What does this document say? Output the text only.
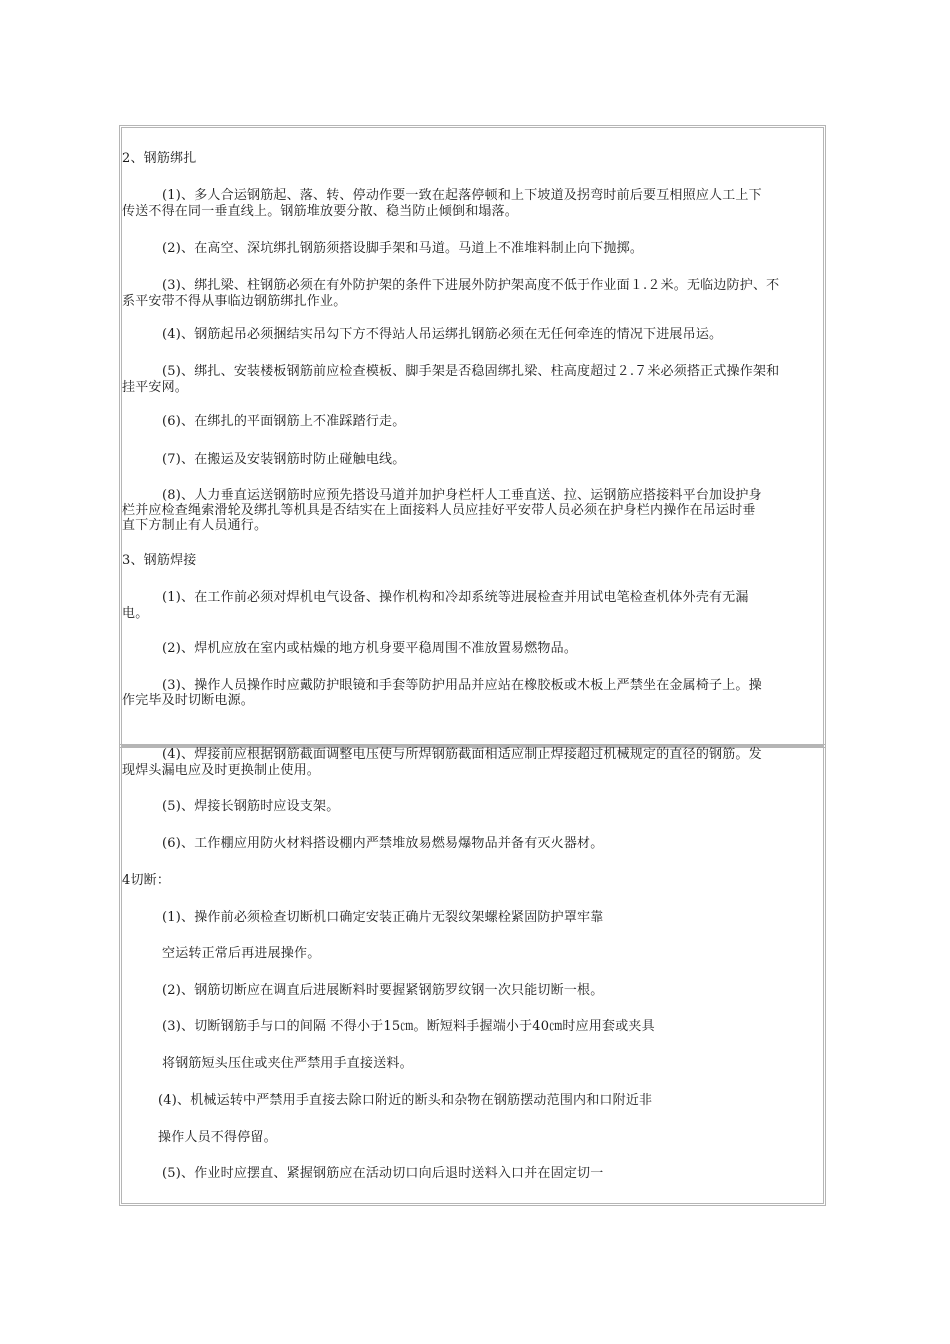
2、钢筋绑扎
(1)、多人合运钢筋起、落、转、停动作要一致在起落停顿和上下坡道及拐弯时前后要互相照应人工上下
传送不得在同一垂直线上。钢筋堆放要分散、稳当防止倾倒和塌落。
(2)、在高空、深坑绑扎钢筋须搭设脚手架和马道。马道上不准堆料制止向下抛掷。
(3)、绑扎梁、柱钢筋必须在有外防护架的条件下进展外防护架高度不低于作业面１.２米。无临边防护、不
系平安带不得从事临边钢筋绑扎作业。
(4)、钢筋起吊必须捆结实吊勾下方不得站人吊运绑扎钢筋必须在无任何牵连的情况下进展吊运。
(5)、绑扎、安装楼板钢筋前应检查模板、脚手架是否稳固绑扎梁、柱高度超过２.７米必须搭正式操作架和
挂平安网。
(6)、在绑扎的平面钢筋上不准踩踏行走。
(7)、在搬运及安装钢筋时防止碰触电线。
(8)、人力垂直运送钢筋时应预先搭设马道并加护身栏杆人工垂直送、拉、运钢筋应搭接料平台加设护身
栏并应检查绳索滑轮及绑扎等机具是否结实在上面接料人员应挂好平安带人员必须在护身栏内操作在吊运时垂
直下方制止有人员通行。
3、钢筋焊接
(1)、在工作前必须对焊机电气设备、操作机构和冷却系统等进展检查并用试电笔检查机体外壳有无漏
电。
(2)、焊机应放在室内或枯燥的地方机身要平稳周围不准放置易燃物品。
(3)、操作人员操作时应戴防护眼镜和手套等防护用品并应站在橡胶板或木板上严禁坐在金属椅子上。操
作完毕及时切断电源。
(4)、焊接前应根据钢筋截面调整电压使与所焊钢筋截面相适应制止焊接超过机械规定的直径的钢筋。发
现焊头漏电应及时更换制止使用。
(5)、焊接长钢筋时应设支架。
(6)、工作棚应用防火材料搭设棚内严禁堆放易燃易爆物品并备有灭火器材。
4切断：
(1)、操作前必须检查切断机口确定安装正确片无裂纹架螺栓紧固防护罩牢靠
空运转正常后再进展操作。
(2)、钢筋切断应在调直后进展断料时要握紧钢筋罗纹钢一次只能切断一根。
(3)、切断钢筋手与口的间隔 不得小于15㎝。断短料手握端小于40㎝时应用套或夹具
将钢筋短头压住或夹住严禁用手直接送料。
(4)、机械运转中严禁用手直接去除口附近的断头和杂物在钢筋摆动范围内和口附近非
操作人员不得停留。
(5)、作业时应摆直、紧握钢筋应在活动切口向后退时送料入口并在固定切一
